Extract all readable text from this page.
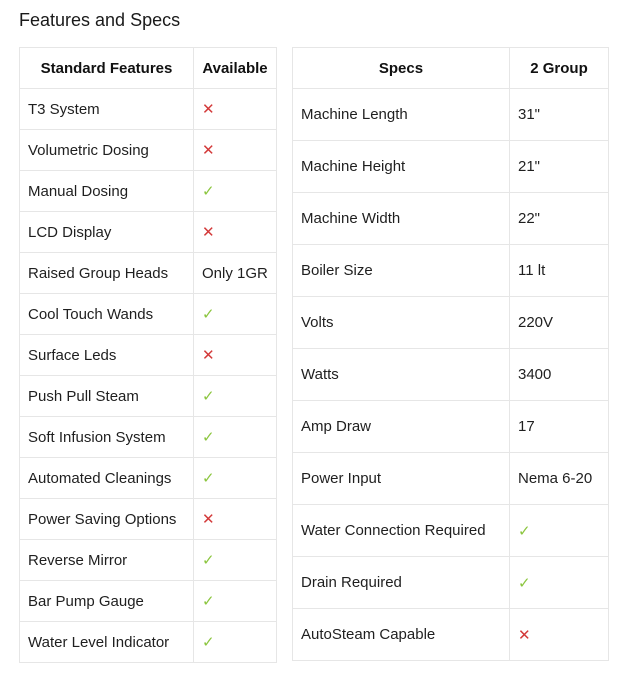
Features and Specs
Standard Features	Available
T3 System	✕
Volumetric Dosing	✕
Manual Dosing	✓
LCD Display	✕
Raised Group Heads	Only 1GR
Cool Touch Wands	✓
Surface Leds	✕
Push Pull Steam	✓
Soft Infusion System	✓
Automated Cleanings	✓
Power Saving Options	✕
Reverse Mirror	✓
Bar Pump Gauge	✓
Water Level Indicator	✓
Specs	2 Group
Machine Length	31"
Machine Height	21"
Machine Width	22"
Boiler Size	11 lt
Volts	220V
Watts	3400
Amp Draw	17
Power Input	Nema 6-20
Water Connection Required	✓
Drain Required	✓
AutoSteam Capable	✕
